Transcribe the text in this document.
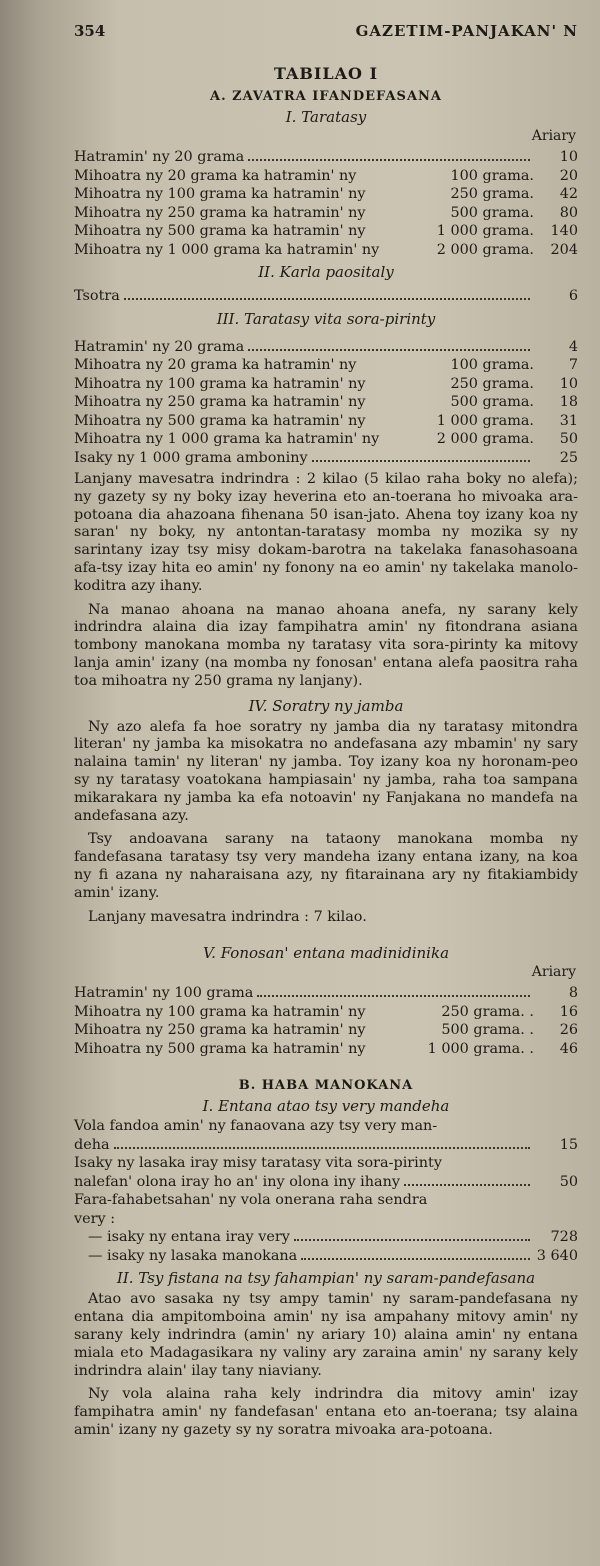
354	GAZETIM-PANJAKAN' N
TABILAO I
A. ZAVATRA IFANDEFASANA
I. Taratasy
Ariary
Hatramin' ny 20 grama	10
Mihoatra ny 20 grama ka hatramin' ny	100 grama.	20
Mihoatra ny 100 grama ka hatramin' ny	250 grama.	42
Mihoatra ny 250 grama ka hatramin' ny	500 grama.	80
Mihoatra ny 500 grama ka hatramin' ny	1 000 grama.	140
Mihoatra ny 1 000 grama ka hatramin' ny	2 000 grama.	204
II. Karla paositaly
Tsotra	6
III. Taratasy vita sora-pirinty
Hatramin' ny 20 grama	4
Mihoatra ny 20 grama ka hatramin' ny	100 grama.	7
Mihoatra ny 100 grama ka hatramin' ny	250 grama.	10
Mihoatra ny 250 grama ka hatramin' ny	500 grama.	18
Mihoatra ny 500 grama ka hatramin' ny	1 000 grama.	31
Mihoatra ny 1 000 grama ka hatramin' ny	2 000 grama.	50
Isaky ny 1 000 grama amboniny	25

Lanjany mavesatra indrindra : 2 kilao (5 kilao raha boky no alefa); ny gazety sy ny boky izay heverina eto an-toerana ho mivoaka ara-potoana dia ahazoana fihenana 50 isan-jato. Ahena toy izany koa ny saran' ny boky, ny antontan-taratasy momba ny mozika sy ny sarintany izay tsy misy dokam-barotra na takelaka fanasohasoana afa-tsy izay hita eo amin' ny fonony na eo amin' ny takelaka manolo-koditra azy ihany.

Na manao ahoana na manao ahoana anefa, ny sarany kely indrindra alaina dia izay fampihatra amin' ny fitondrana asiana tombony manokana momba ny taratasy vita sora-pirinty ka mitovy lanja amin' izany (na momba ny fonosan' entana alefa paositra raha toa mihoatra ny 250 grama ny lanjany).

IV. Soratry ny jamba

Ny azo alefa fa hoe soratry ny jamba dia ny taratasy mitondra literan' ny jamba ka misokatra no andefasana azy mbamin' ny sary nalaina tamin' ny literan' ny jamba. Toy izany koa ny horonam-peo sy ny taratasy voatokana hampiasain' ny jamba, raha toa sampana mikarakara ny jamba ka efa notoavin' ny Fanjakana no mandefa na andefasana azy.

Tsy andoavana sarany na tataony manokana momba ny fandefasana taratasy tsy very mandeha izany entana izany, na koa ny fi azana ny naharaisana azy, ny fitarainana ary ny fitakiambidy amin' izany.

Lanjany mavesatra indrindra : 7 kilao.

V. Fonosan' entana madinidinika
Ariary
Hatramin' ny 100 grama	8
Mihoatra ny 100 grama ka hatramin' ny	250 grama. .	16
Mihoatra ny 250 grama ka hatramin' ny	500 grama. .	26
Mihoatra ny 500 grama ka hatramin' ny	1 000 grama. .	46
B. HABA MANOKANA
I. Entana atao tsy very mandeha
Vola fandoa amin' ny fanaovana azy tsy very man-
deha	15
Isaky ny lasaka iray misy taratasy vita sora-pirinty
nalefan' olona iray ho an' iny olona iny ihany	50
Fara-fahabetsahan' ny vola onerana raha sendra
very :
— isaky ny entana iray very	728
— isaky ny lasaka manokana	3 640
II. Tsy fistana na tsy fahampian' ny saram-pandefasana

Atao avo sasaka ny tsy ampy tamin' ny saram-pandefasana ny entana dia ampitomboina amin' ny isa ampahany mitovy amin' ny sarany kely indrindra (amin' ny ariary 10) alaina amin' ny entana miala eto Madagasikara ny valiny ary zaraina amin' ny sarany kely indrindra alain' ilay tany niaviany.

Ny vola alaina raha kely indrindra dia mitovy amin' izay fampihatra amin' ny fandefasan' entana eto an-toerana; tsy alaina amin' izany ny gazety sy ny soratra mivoaka ara-potoana.
